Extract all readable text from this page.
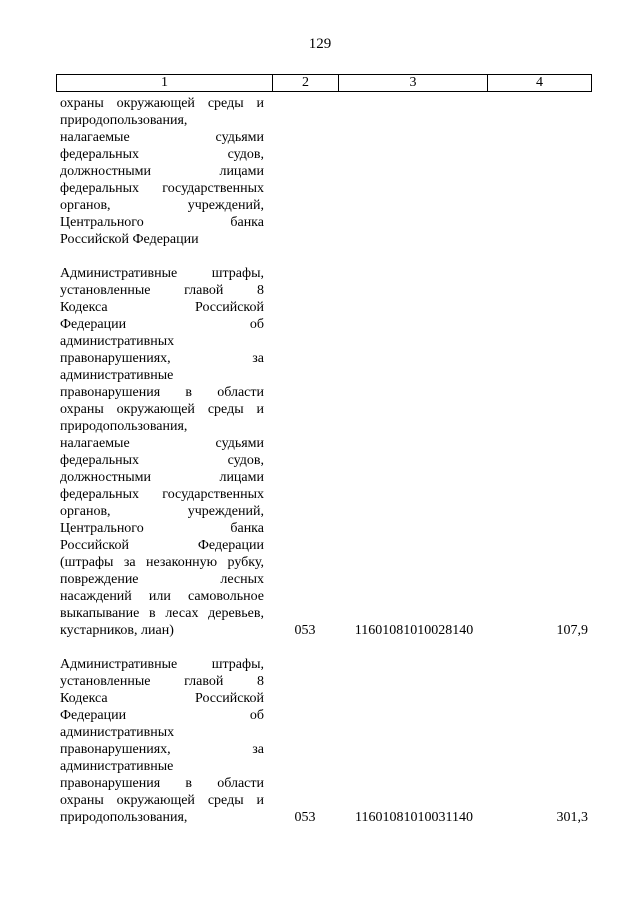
129
1	2	3	4
охраны окружающей среды и
природопользования,
налагаемые судьями
федеральных судов,
должностными лицами
федеральных государственных
органов, учреждений,
Центрального банка
Российской Федерации
Административные штрафы,
установленные главой 8
Кодекса Российской
Федерации об
административных
правонарушениях, за
административные
правонарушения в области
охраны окружающей среды и
природопользования,
налагаемые судьями
федеральных судов,
должностными лицами
федеральных государственных
органов, учреждений,
Центрального банка
Российской Федерации
(штрафы за незаконную рубку,
повреждение лесных
насаждений или самовольное
выкапывание в лесах деревьев,
кустарников, лиан)	053	11601081010028140	107,9
Административные штрафы,
установленные главой 8
Кодекса Российской
Федерации об
административных
правонарушениях, за
административные
правонарушения в области
охраны окружающей среды и
природопользования,	053	11601081010031140	301,3
